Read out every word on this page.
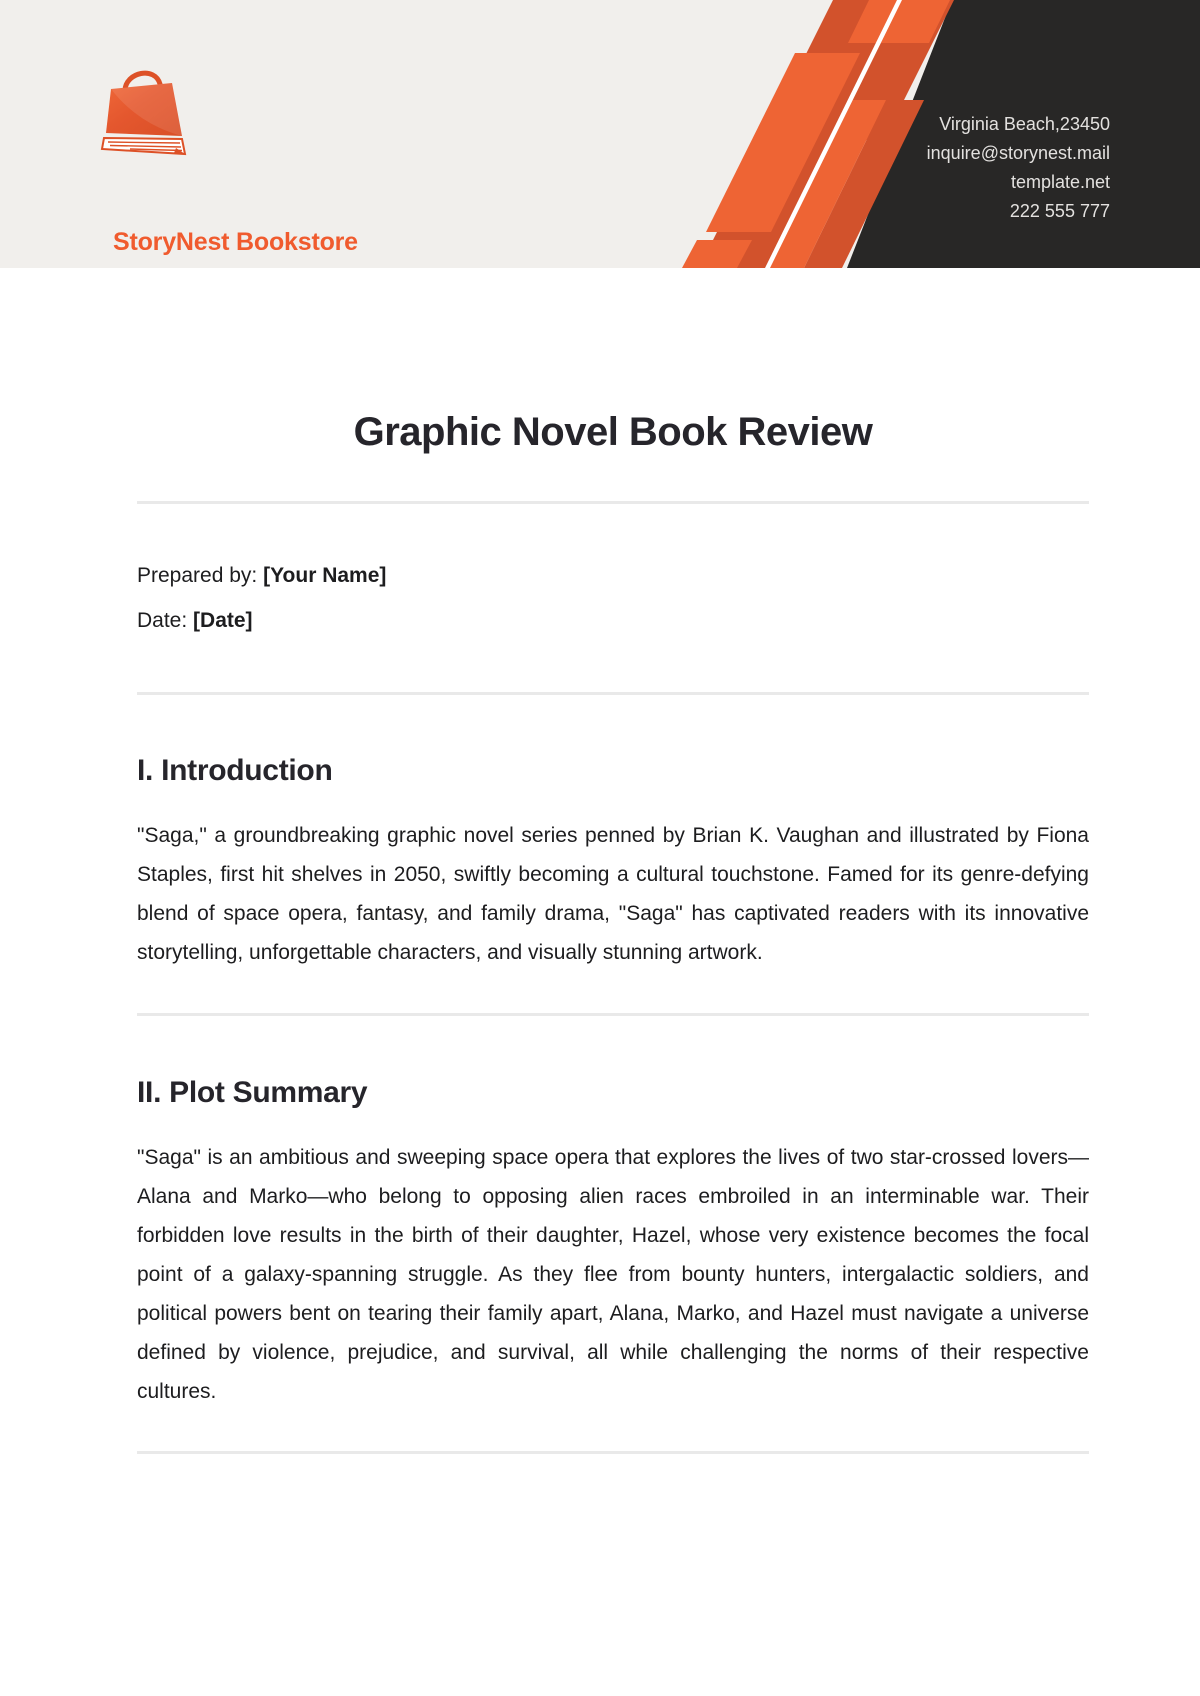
StoryNest Bookstore
Virginia Beach,23450
inquire@storynest.mail
template.net
222 555 777
Graphic Novel Book Review

Prepared by: [Your Name]

Date: [Date]

I. Introduction

"Saga," a groundbreaking graphic novel series penned by Brian K. Vaughan and illustrated by Fiona Staples, first hit shelves in 2050, swiftly becoming a cultural touchstone. Famed for its genre-defying blend of space opera, fantasy, and family drama, "Saga" has captivated readers with its innovative storytelling, unforgettable characters, and visually stunning artwork.

II. Plot Summary

"Saga" is an ambitious and sweeping space opera that explores the lives of two star-crossed lovers—Alana and Marko—who belong to opposing alien races embroiled in an interminable war. Their forbidden love results in the birth of their daughter, Hazel, whose very existence becomes the focal point of a galaxy-spanning struggle. As they flee from bounty hunters, intergalactic soldiers, and political powers bent on tearing their family apart, Alana, Marko, and Hazel must navigate a universe defined by violence, prejudice, and survival, all while challenging the norms of their respective cultures.
